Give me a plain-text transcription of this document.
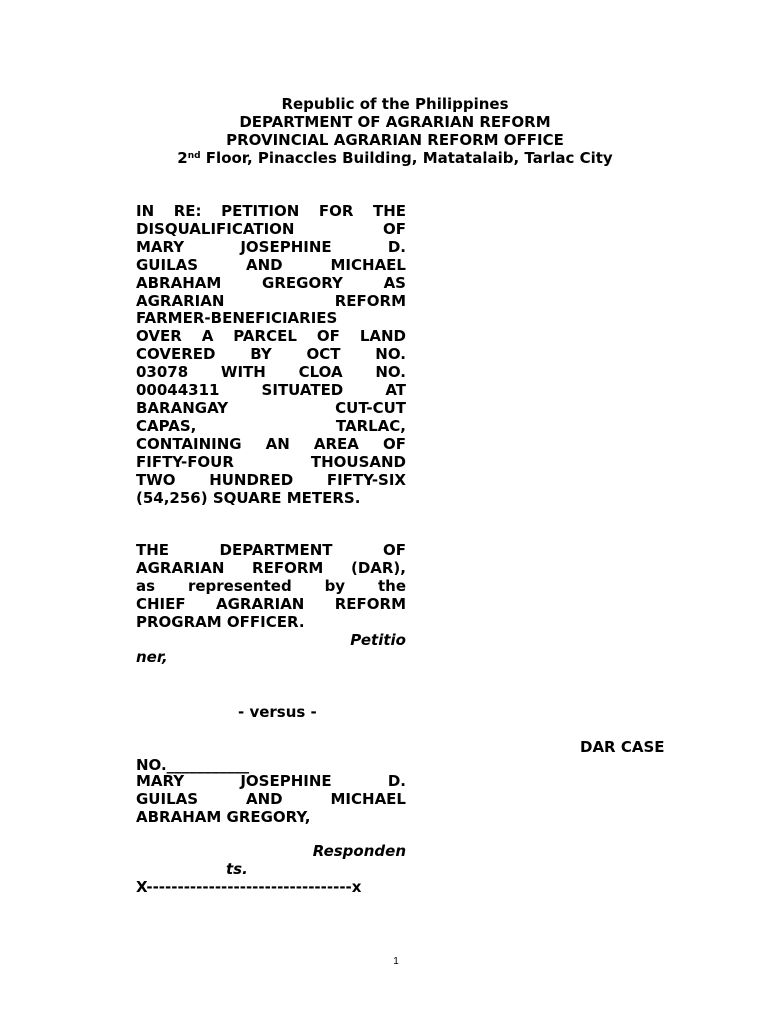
Republic of the Philippines
DEPARTMENT OF AGRARIAN REFORM
PROVINCIAL AGRARIAN REFORM OFFICE
2nd Floor, Pinaccles Building, Matatalaib, Tarlac City
IN RE: PETITION FOR THE
DISQUALIFICATION OF
MARY JOSEPHINE D.
GUILAS AND MICHAEL
ABRAHAM GREGORY AS
AGRARIAN REFORM
FARMER-BENEFICIARIES
OVER A PARCEL OF LAND
COVERED BY OCT NO.
03078 WITH CLOA NO.
00044311 SITUATED AT
BARANGAY CUT-CUT
CAPAS, TARLAC,
CONTAINING AN AREA OF
FIFTY-FOUR THOUSAND
TWO HUNDRED FIFTY-SIX
(54,256) SQUARE METERS.
THE DEPARTMENT OF
AGRARIAN REFORM (DAR),
as represented by the
CHIEF AGRARIAN REFORM
PROGRAM OFFICER.
Petitio
ner,
- versus -
DAR CASE
NO.___________
MARY JOSEPHINE D.
GUILAS AND MICHAEL
ABRAHAM GREGORY,
Responden
ts.
X---------------------------------x
1
